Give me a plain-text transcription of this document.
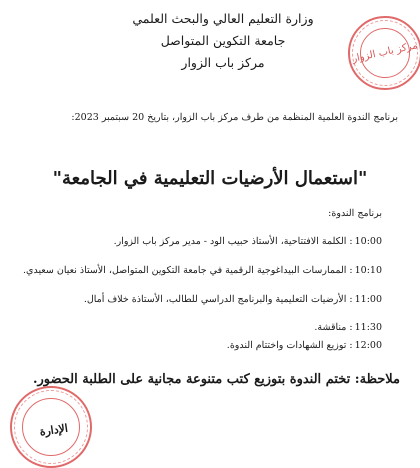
وزارة التعليم العالي والبحث العلمي
جامعة التكوين المتواصل
مركز باب الزوار	مركز باب الزوار
برنامج الندوة العلمية المنظمة من طرف مركز باب الزوار، بتاريخ 20 سبتمبر 2023:
"استعمال الأرضيات التعليمية في الجامعة"
برنامج الندوة:
10:00: الكلمة الافتتاحية، الأستاذ حبيب الود - مدير مركز باب الزوار.
10:10: الممارسات البيداغوجية الرقمية في جامعة التكوين المتواصل، الأستاذ نعيان سعيدي.
11:00: الأرضيات التعليمية والبرنامج الدراسي للطالب، الأستاذة خلاف أمال.
11:30: مناقشة.
12:00: توزيع الشهادات واختتام الندوة.
ملاحظة: تختم الندوة بتوزيع كتب متنوعة مجانية على الطلبة الحضور.
الإدارة
